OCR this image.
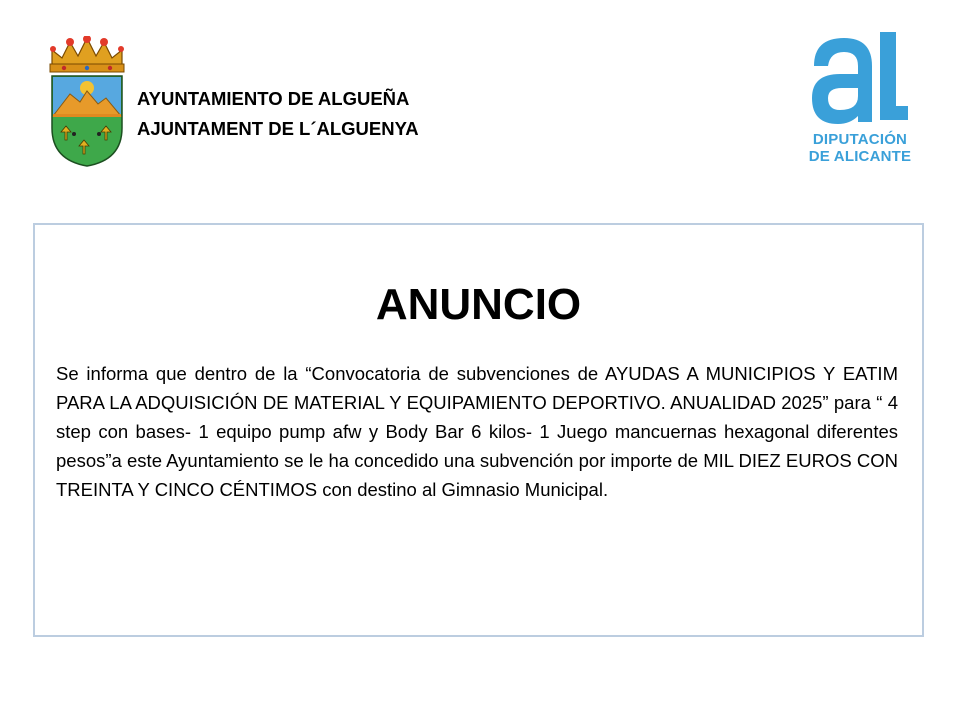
AYUNTAMIENTO DE ALGUEÑA
AJUNTAMENT DE L´ALGUENYA
DIPUTACIÓN
DE ALICANTE
ANUNCIO
Se informa que dentro de la “Convocatoria de subvenciones de AYUDAS A MUNICIPIOS Y EATIM PARA LA ADQUISICIÓN DE MATERIAL Y EQUIPAMIENTO DEPORTIVO. ANUALIDAD 2025” para “ 4 step con bases- 1 equipo pump afw y Body Bar 6 kilos- 1 Juego mancuernas hexagonal diferentes pesos”a este Ayuntamiento se le ha concedido una subvención por importe de MIL DIEZ EUROS CON TREINTA Y CINCO CÉNTIMOS con destino al Gimnasio Municipal.
